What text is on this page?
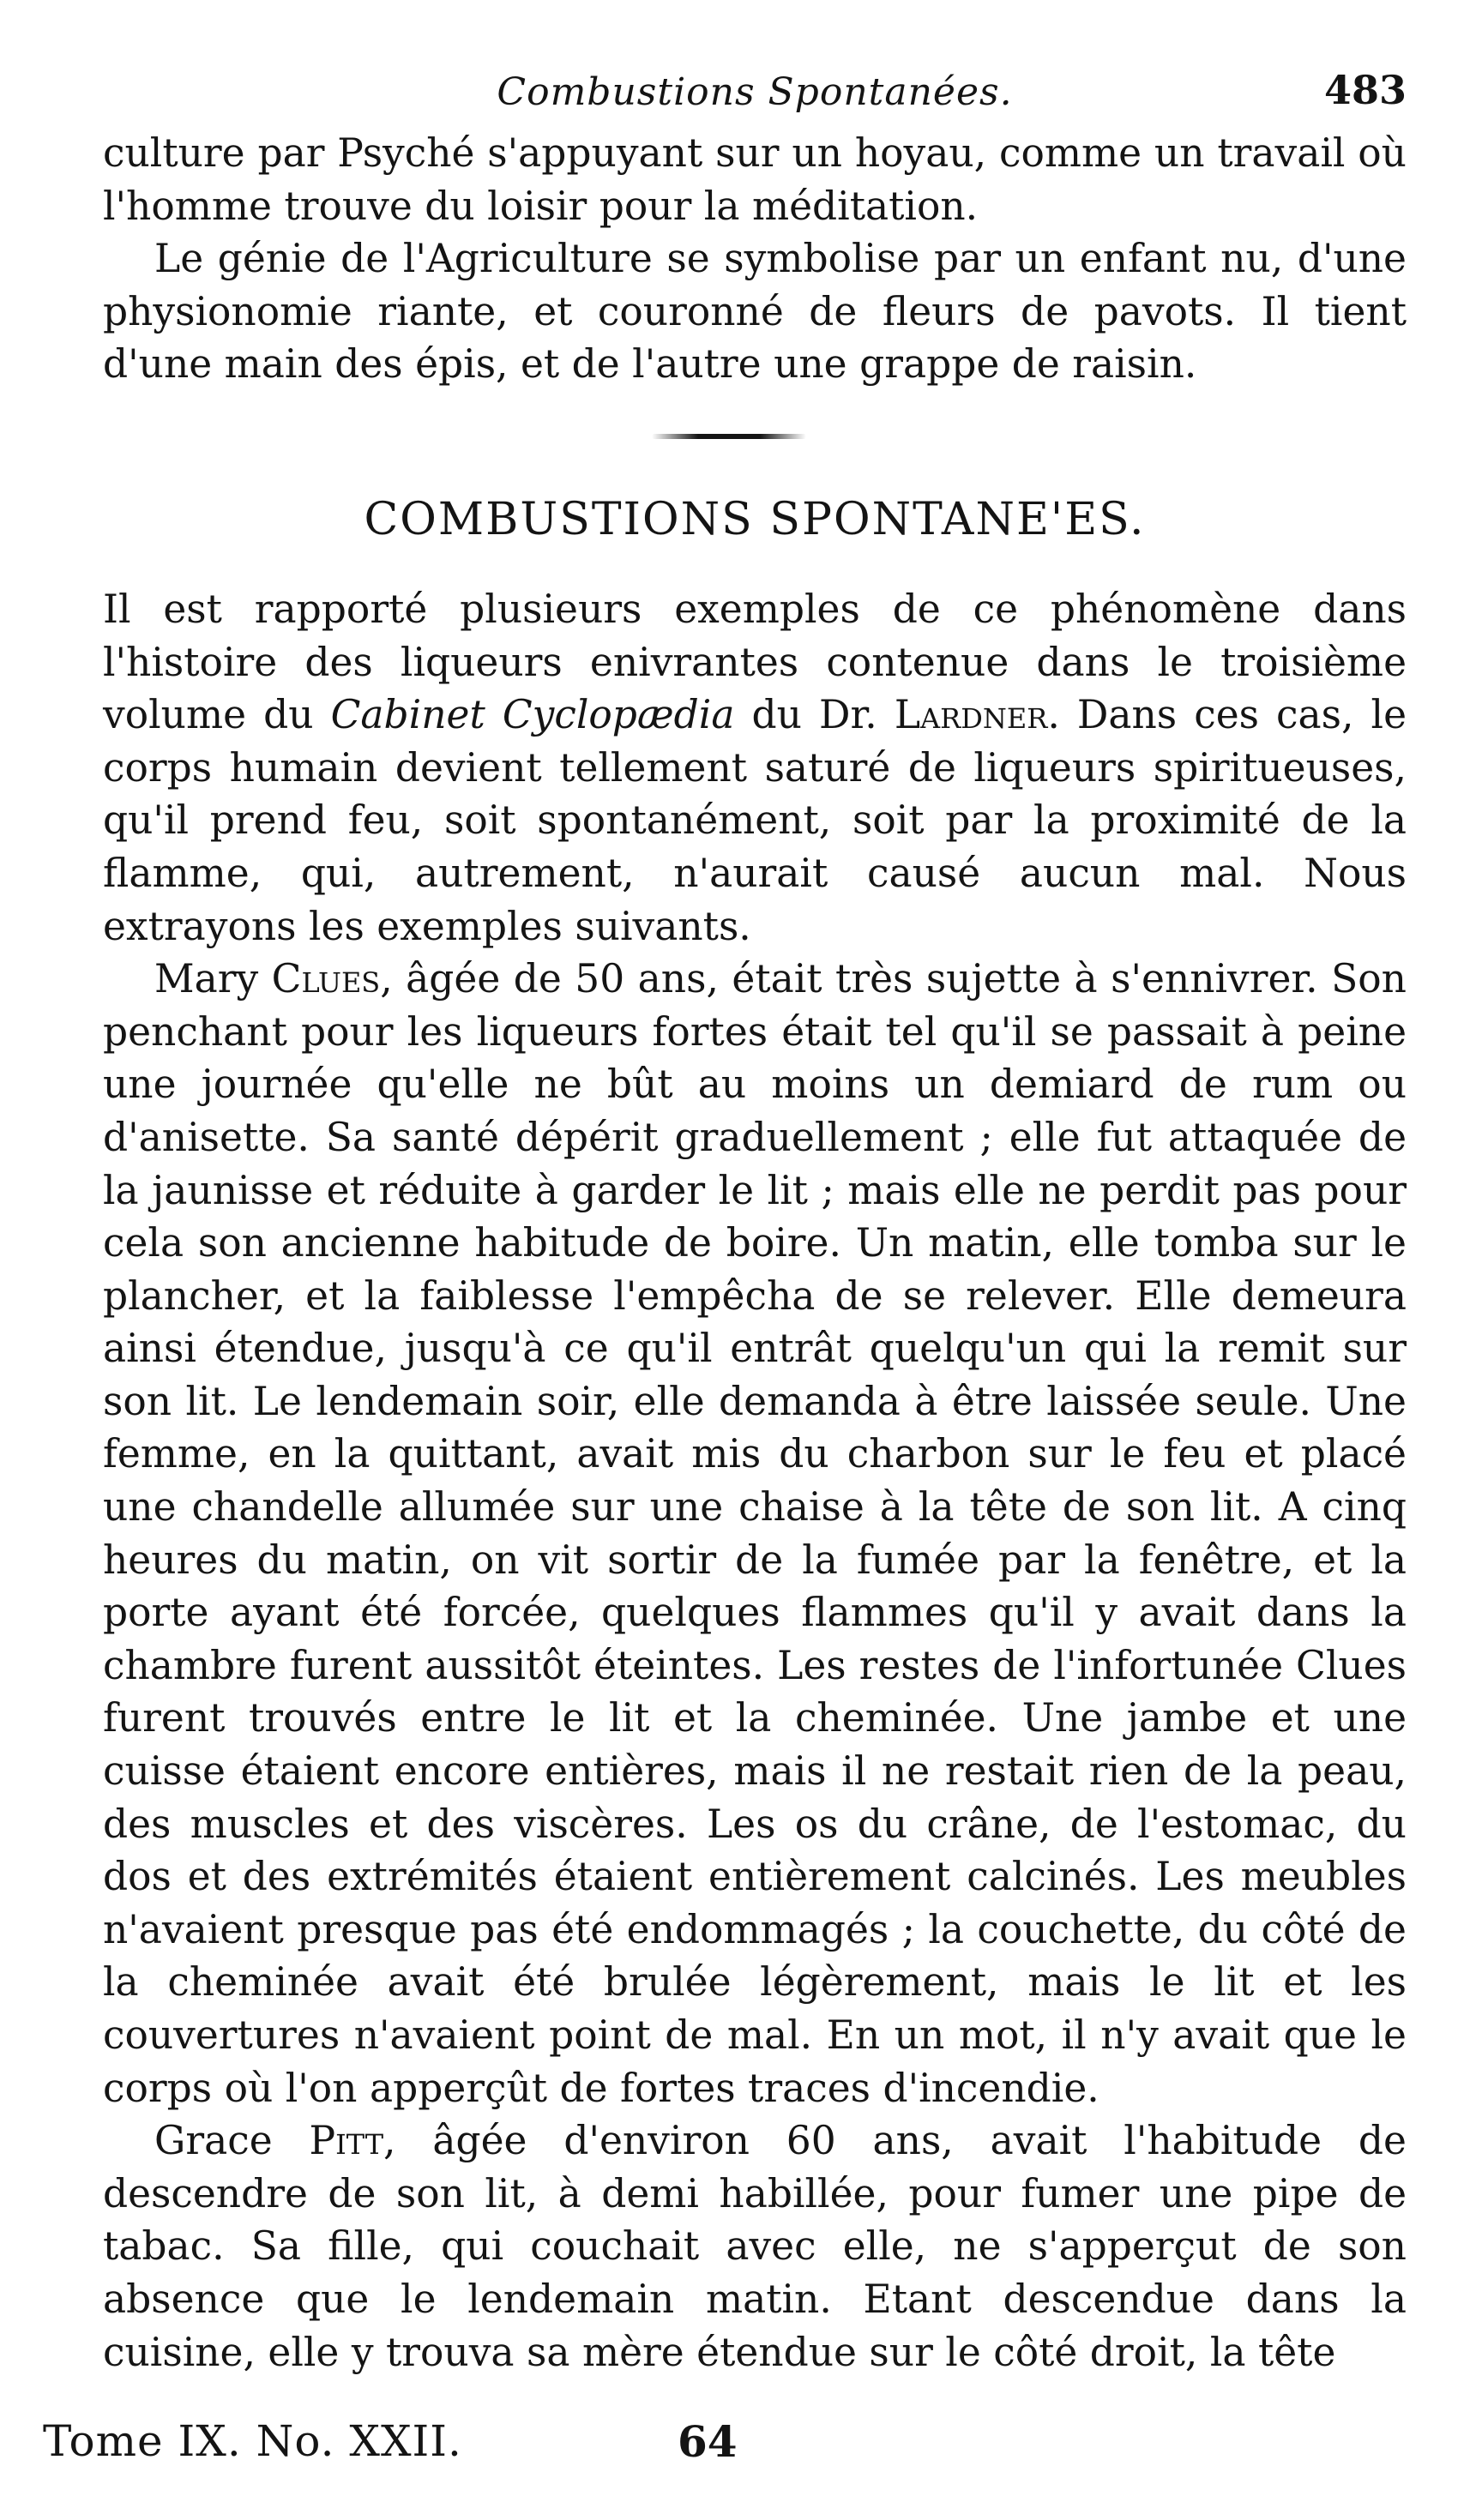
Combustions Spontanées.	483

culture par Psyché s'appuyant sur un hoyau, comme un travail où l'homme trouve du loisir pour la méditation.

Le génie de l'Agriculture se symbolise par un enfant nu, d'une physionomie riante, et couronné de fleurs de pavots. Il tient d'une main des épis, et de l'autre une grappe de raisin.

COMBUSTIONS SPONTANE'ES.

Il est rapporté plusieurs exemples de ce phénomène dans l'histoire des liqueurs enivrantes contenue dans le troisième volume du Cabinet Cyclopædia du Dr. Lardner. Dans ces cas, le corps humain devient tellement saturé de liqueurs spiritueuses, qu'il prend feu, soit spontanément, soit par la proximité de la flamme, qui, autrement, n'aurait causé aucun mal. Nous extrayons les exemples suivants.

Mary Clues, âgée de 50 ans, était très sujette à s'ennivrer. Son penchant pour les liqueurs fortes était tel qu'il se passait à peine une journée qu'elle ne bût au moins un demiard de rum ou d'anisette. Sa santé dépérit graduellement ; elle fut attaquée de la jaunisse et réduite à garder le lit ; mais elle ne perdit pas pour cela son ancienne habitude de boire. Un matin, elle tomba sur le plancher, et la faiblesse l'empêcha de se relever. Elle demeura ainsi étendue, jusqu'à ce qu'il entrât quelqu'un qui la remit sur son lit. Le lendemain soir, elle demanda à être laissée seule. Une femme, en la quittant, avait mis du charbon sur le feu et placé une chandelle allumée sur une chaise à la tête de son lit. A cinq heures du matin, on vit sortir de la fumée par la fenêtre, et la porte ayant été forcée, quelques flammes qu'il y avait dans la chambre furent aussitôt éteintes. Les restes de l'infortunée Clues furent trouvés entre le lit et la cheminée. Une jambe et une cuisse étaient encore entières, mais il ne restait rien de la peau, des muscles et des viscères. Les os du crâne, de l'estomac, du dos et des extrémités étaient entièrement calcinés. Les meubles n'avaient presque pas été endommagés ; la couchette, du côté de la cheminée avait été brulée légèrement, mais le lit et les couvertures n'avaient point de mal. En un mot, il n'y avait que le corps où l'on apperçût de fortes traces d'incendie.

Grace Pitt, âgée d'environ 60 ans, avait l'habitude de descendre de son lit, à demi habillée, pour fumer une pipe de tabac. Sa fille, qui couchait avec elle, ne s'apperçut de son absence que le lendemain matin. Etant descendue dans la cuisine, elle y trouva sa mère étendue sur le côté droit, la tête

Tome IX. No. XXII.	64
